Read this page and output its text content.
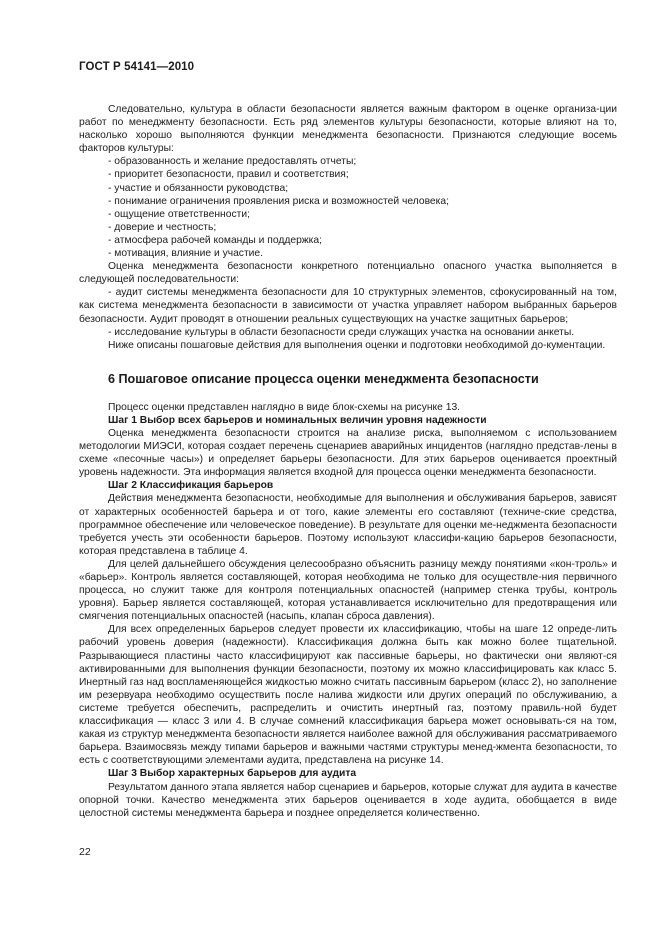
ГОСТ Р 54141—2010

Следовательно, культура в области безопасности является важным фактором в оценке организа-ции работ по менеджменту безопасности. Есть ряд элементов культуры безопасности, которые влияют на то, насколько хорошо выполняются функции менеджмента безопасности. Признаются следующие восемь факторов культуры:

- образованность и желание предоставлять отчеты;

- приоритет безопасности, правил и соответствия;

- участие и обязанности руководства;

- понимание ограничения проявления риска и возможностей человека;

- ощущение ответственности;

- доверие и честность;

- атмосфера рабочей команды и поддержка;

- мотивация, влияние и участие.

Оценка менеджмента безопасности конкретного потенциально опасного участка выполняется в следующей последовательности:

- аудит системы менеджмента безопасности для 10 структурных элементов, сфокусированный на том, как система менеджмента безопасности в зависимости от участка управляет набором выбранных барьеров безопасности. Аудит проводят в отношении реальных существующих на участке защитных барьеров;

- исследование культуры в области безопасности среди служащих участка на основании анкеты.

Ниже описаны пошаговые действия для выполнения оценки и подготовки необходимой до-кументации.

6 Пошаговое описание процесса оценки менеджмента безопасности

Процесс оценки представлен наглядно в виде блок-схемы на рисунке 13.

Шаг 1 Выбор всех барьеров и номинальных величин уровня надежности

Оценка менеджмента безопасности строится на анализе риска, выполняемом с использованием методологии МИЭСИ, которая создает перечень сценариев аварийных инцидентов (наглядно представ-лены в схеме «песочные часы») и определяет барьеры безопасности. Для этих барьеров оценивается проектный уровень надежности. Эта информация является входной для процесса оценки менеджмента безопасности.

Шаг 2 Классификация барьеров

Действия менеджмента безопасности, необходимые для выполнения и обслуживания барьеров, зависят от характерных особенностей барьера и от того, какие элементы его составляют (техниче-ские средства, программное обеспечение или человеческое поведение). В результате для оценки ме-неджмента безопасности требуется учесть эти особенности барьеров. Поэтому используют классифи-кацию барьеров безопасности, которая представлена в таблице 4.

Для целей дальнейшего обсуждения целесообразно объяснить разницу между понятиями «кон-троль» и «барьер». Контроль является составляющей, которая необходима не только для осуществле-ния первичного процесса, но служит также для контроля потенциальных опасностей (например стенка трубы, контроль уровня). Барьер является составляющей, которая устанавливается исключительно для предотвращения или смягчения потенциальных опасностей (насыпь, клапан сброса давления).

Для всех определенных барьеров следует провести их классификацию, чтобы на шаге 12 опреде-лить рабочий уровень доверия (надежности). Классификация должна быть как можно более тщательной. Разрывающиеся пластины часто классифицируют как пассивные барьеры, но фактически они являют-ся активированными для выполнения функции безопасности, поэтому их можно классифицировать как класс 5. Инертный газ над воспламеняющейся жидкостью можно считать пассивным барьером (класс 2), но заполнение им резервуара необходимо осуществить после налива жидкости или других операций по обслуживанию, а системе требуется обеспечить, распределить и очистить инертный газ, поэтому правиль-ной будет классификация — класс 3 или 4. В случае сомнений классификация барьера может основывать-ся на том, какая из структур менеджмента безопасности является наиболее важной для обслуживания рассматриваемого барьера. Взаимосвязь между типами барьеров и важными частями структуры менед-жмента безопасности, то есть с соответствующими элементами аудита, представлена на рисунке 14.

Шаг 3 Выбор характерных барьеров для аудита

Результатом данного этапа является набор сценариев и барьеров, которые служат для аудита в качестве опорной точки. Качество менеджмента этих барьеров оценивается в ходе аудита, обобщается в виде целостной системы менеджмента барьера и позднее определяется количественно.

22
